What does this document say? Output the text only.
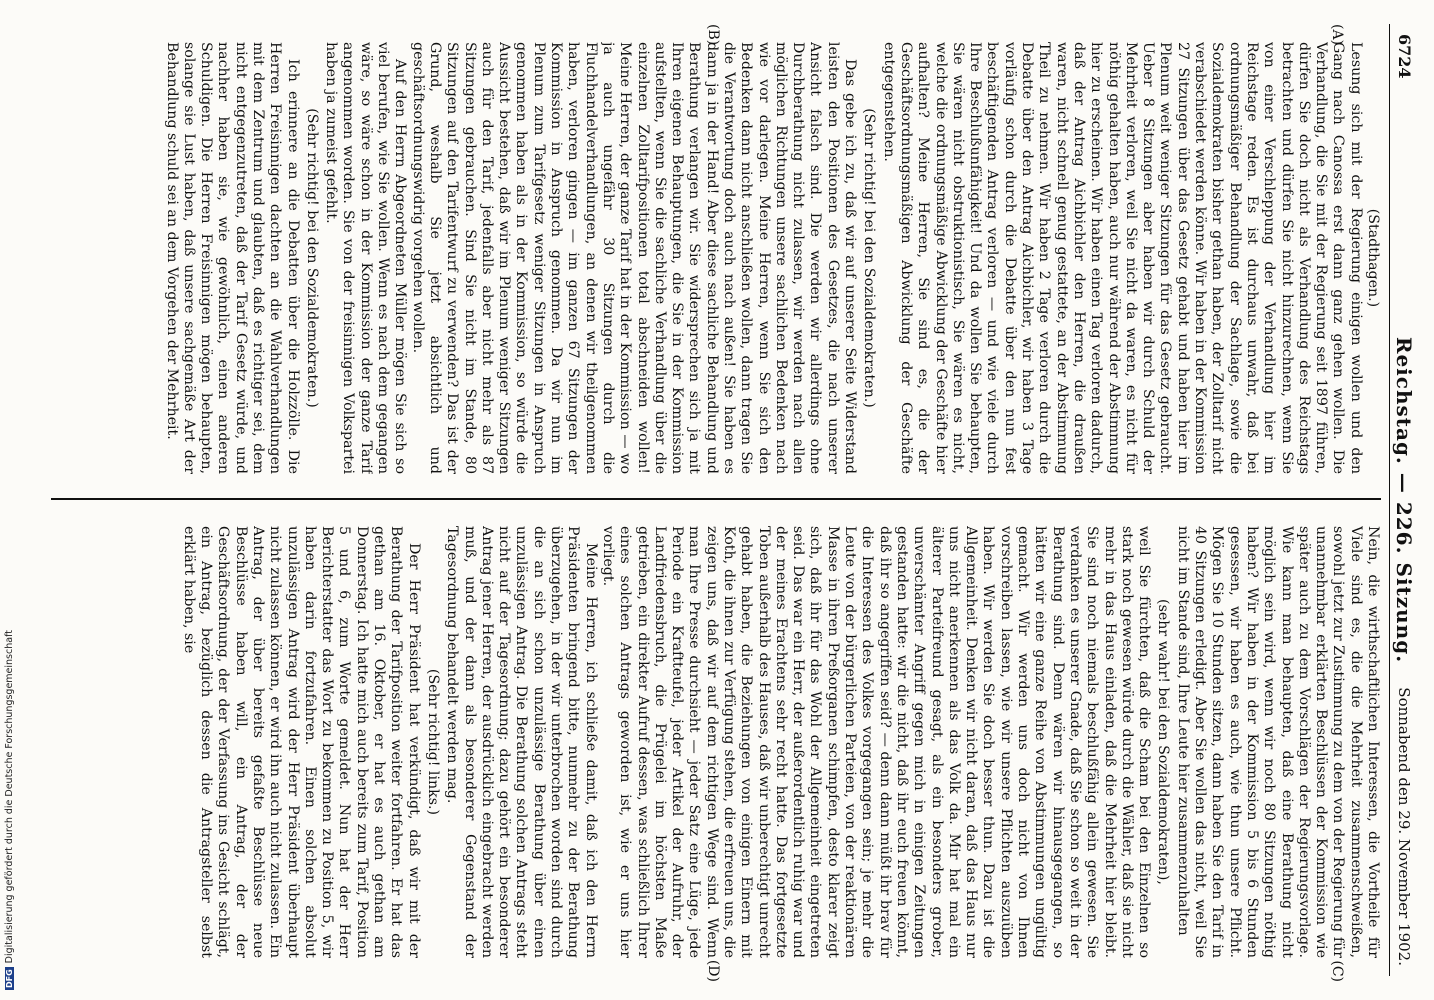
DFGDigitalisierung gefördert durch die Deutsche Forschungsgemeinschaft
6724
Reichstag. — 226. Sitzung.
Sonnabend den 29. November 1902.
(A)
(B)
(C)
(D)

(Stadthagen.)

Lesung sich mit der Regierung einigen wollen und den Gang nach Canossa erst dann ganz gehen wollen. Die Verhandlung, die Sie mit der Regierung seit 1897 führen, dürfen Sie doch nicht als Verhandlung des Reichstags betrachten und dürfen Sie nicht hinzurechnen, wenn Sie von einer Verschleppung der Verhandlung hier im Reichstage reden. Es ist durchaus unwahr, daß bei ordnungsmäßiger Behandlung der Sachlage, sowie die Sozialdemokraten bisher gethan haben, der Zolltarif nicht verabschiedet werden könne. Wir haben in der Kommission 27 Sitzungen über das Gesetz gehabt und haben hier im Plenum weit weniger Sitzungen für das Gesetz gebraucht. Ueber 8 Sitzungen aber haben wir durch Schuld der Mehrheit verloren, weil Sie nicht da waren, es nicht für nöthig gehalten haben, auch nur während der Abstimmung hier zu erscheinen. Wir haben einen Tag verloren dadurch, daß der Antrag Aichbichler den Herren, die draußen waren, nicht schnell genug gestattete, an der Abstimmung Theil zu nehmen. Wir haben 2 Tage verloren durch die Debatte über den Antrag Aichbichler, wir haben 3 Tage vorläufig schon durch die Debatte über den nun fest beschäftigenden Antrag verloren — und wie viele durch Ihre Beschlußunfähigkeit! Und da wollen Sie behaupten, Sie wären nicht obstruktionistisch, Sie wären es nicht, welche die ordnungsmäßige Abwicklung der Geschäfte hier aufhalten? Meine Herren, Sie sind es, die der Geschäftsordnungsmäßigen Abwicklung der Geschäfte entgegenstehen.

(Sehr richtig! bei den Sozialdemokraten.)

Das gebe ich zu, daß wir auf unserer Seite Widerstand leisten den Positionen des Gesetzes, die nach unserer Ansicht falsch sind. Die werden wir allerdings ohne Durchberathung nicht zulassen, wir werden nach allen möglichen Richtungen unsere sachlichen Bedenken nach wie vor darlegen. Meine Herren, wenn Sie sich den Bedenken dann nicht anschließen wollen, dann tragen Sie die Verantwortung doch auch nach außen! Sie haben es dann ja in der Hand! Aber diese sachliche Behandlung und Berathung verlangen wir. Sie widersprechen sich ja mit Ihren eigenen Behauptungen, die Sie in der Kommission aufstellten, wenn Sie die sachliche Verhandlung über die einzelnen Zolltarifpositionen total abschneiden wollen! Meine Herren, der ganze Tarif hat in der Kommission — wo ja auch ungefähr 30 Sitzungen durch die Fluchhandelverhandlungen, an denen wir theilgenommen haben, verloren gingen — im ganzen 67 Sitzungen der Kommission in Anspruch genommen. Da wir nun im Plenum zum Tarifgesetz weniger Sitzungen in Anspruch genommen haben als in der Kommission, so würde die Aussicht bestehen, daß wir im Plenum weniger Sitzungen auch für den Tarif, jedenfalls aber nicht mehr als 87 Sitzungen gebrauchen. Sind Sie nicht im Stande, 80 Sitzungen auf den Tarifentwurf zu verwenden? Das ist der Grund, weshalb Sie jetzt absichtlich und geschäftsordnungswidrig vorgehen wollen.

Auf den Herrn Abgeordneten Müller mögen Sie sich so viel berufen, wie Sie wollen. Wenn es nach dem gegangen wäre, so wäre schon in der Kommission der ganze Tarif angenommen worden. Sie von der freisinnigen Volkspartei haben ja zumeist gefehlt.

(Sehr richtig! bei den Sozialdemokraten.)

Ich erinnere an die Debatten über die Holzzölle. Die Herren Freisinnigen dachten an die Wahlverhandlungen mit dem Zentrum und glaubten, daß es richtiger sei, dem nicht entgegenzutreten, daß der Tarif Gesetz würde, und nachher haben sie, wie gewöhnlich, einen anderen Schuldigen. Die Herren Freisinnigen mögen behaupten, solange sie Lust haben, daß unsere sachgemäße Art der Behandlung schuld sei an dem Vorgehen der Mehrheit.

Nein, die wirthschaftlichen Interessen, die Vortheile für Viele sind es, die die Mehrheit zusammenschweißen, sowohl jetzt zur Zustimmung zu dem von der Regierung für unannehmbar erklärten Beschlüssen der Kommission wie später auch zu dem Vorschlägen der Regierungsvorlage. Wie kann man behaupten, daß eine Berathung nicht möglich sein wird, wenn wir noch 80 Sitzungen nöthig haben? Wir haben in der Kommission 5 bis 6 Stunden gesessen, wir haben es auch, wie thun unsere Pflicht. Mögen Sie 10 Stunden sitzen, dann haben Sie den Tarif in 40 Sitzungen erledigt. Aber Sie wollen das nicht, weil Sie nicht im Stande sind, Ihre Leute hier zusammenzuhalten

(sehr wahr! bei den Sozialdemokraten),

weil Sie fürchten, daß die Scham bei den Einzelnen so stark noch gewesen würde durch die Wähler, daß sie nicht mehr in das Haus einladen, daß die Mehrheit hier bleibt. Sie sind noch niemals beschlußfähig allein gewesen. Sie verdanken es unserer Gnade, daß Sie schon so weit in der Berathung sind. Denn wären wir hinausgegangen, so hätten wir eine ganze Reihe von Abstimmungen ungültig gemacht. Wir werden uns doch nicht von Ihnen vorschreiben lassen, wie wir unsere Pflichten auszuüben haben. Wir werden Sie doch besser thun. Dazu ist die Allgemeinheit. Denken wir nicht daran, daß das Haus nur uns nicht anerkennen als das Volk da. Mir hat mal ein älterer Parteifreund gesagt, als ein besonders grober, unverschämter Angriff gegen mich in einigen Zeitungen gestanden hatte: wir die nicht, daß ihr euch freuen könnt, daß ihr so angegriffen seid? — denn dann müßt ihr brav für die Interessen des Volkes vorgegangen sein; je mehr die Leute von der bürgerlichen Parteien, von der reaktionären Masse in ihren Preßorganen schimpfen, desto klarer zeigt sich, daß ihr für das Wohl der Allgemeinheit eingetreten seid. Das war ein Herr, der außerordentlich ruhig war und der meines Erachtens sehr recht hatte. Das fortgesetzte Toben außerhalb des Hauses, daß wir unberechtigt unrecht gehabt haben, die Beziehungen von einigen Einern mit Koth, die ihnen zur Verfügung stehen, die erfreuen uns, die zeigen uns, daß wir auf dem richtigen Wege sind. Wenn man Ihre Presse durchsieht — jeder Satz eine Lüge, jede Periode ein Kraftteufel, jeder Artikel der Aufruhr, der Landfriedensbruch, die Prügelei im höchsten Maße getrieben, ein direkter Aufruf dessen, was schließlich Ihrer eines solchen Antrags geworden ist, wie er uns hier vorliegt.

Meine Herren, ich schließe damit, daß ich den Herrn Präsidenten bringend bitte, nunmehr zu der Berathung überzugehen, in der wir unterbrochen worden sind durch die an sich schon unzulässige Berathung über einen unzulässigen Antrag. Die Berathung solchen Antrags steht nicht auf der Tagesordnung; dazu gehört ein besonderer Antrag jener Herren, der ausdrücklich eingebracht werden muß, und der dann als besonderer Gegenstand der Tagesordnung behandelt werden mag.

(Sehr richtig! links.)

Der Herr Präsident hat verkündigt, daß wir mit der Berathung der Tarifposition weiter fortfahren. Er hat das gethan am 16. Oktober, er hat es auch gethan am Donnerstag. Ich hatte mich auch bereits zum Tarif, Position 5 und 6, zum Worte gemeldet. Nun hat der Herr Berichterstatter das Wort zu bekommen zu Position 5, wir haben darin fortzufahren. Einen solchen absolut unzulässigen Antrag wird der Herr Präsident überhaupt nicht zulassen können, er wird ihn auch nicht zulassen. Ein Antrag, der über bereits gefaßte Beschlüsse neue Beschlüsse haben will, ein Antrag, der der Geschäftsordnung, der der Verfassung ins Gesicht schlägt, ein Antrag, bezüglich dessen die Antragsteller selbst erklärt haben, sie
